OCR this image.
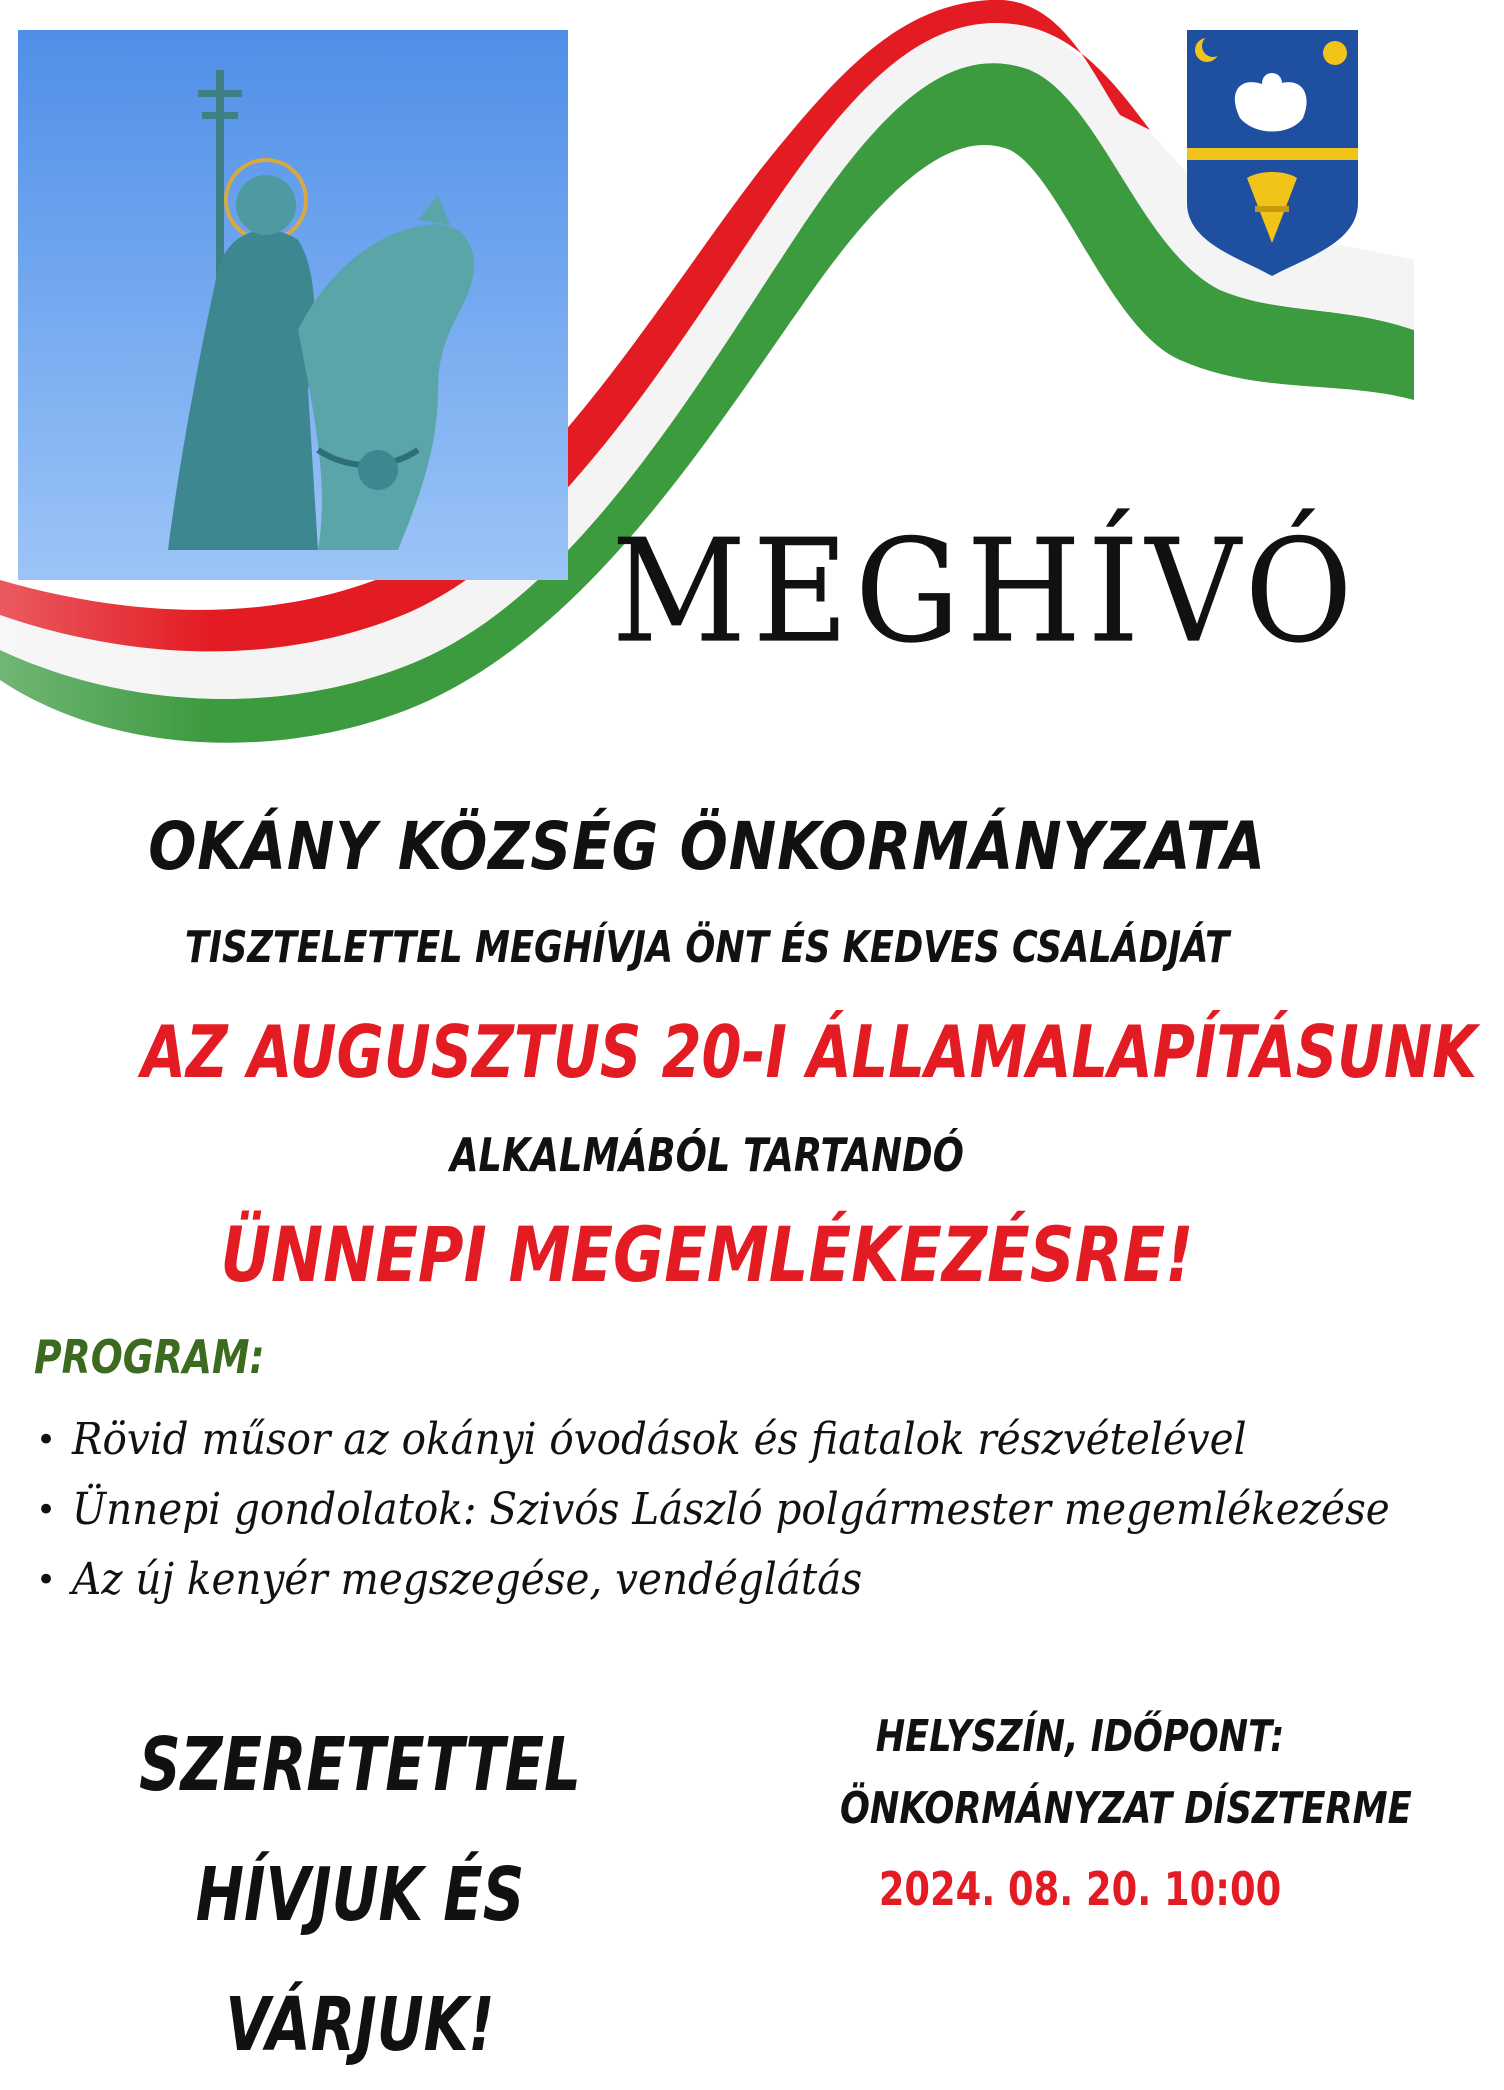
MEGHÍVÓ
OKÁNY KÖZSÉG ÖNKORMÁNYZATA
TISZTELETTEL MEGHÍVJA ÖNT ÉS KEDVES CSALÁDJÁT
AZ AUGUSZTUS 20-I ÁLLAMALAPÍTÁSUNK
ALKALMÁBÓL TARTANDÓ
ÜNNEPI MEGEMLÉKEZÉSRE!
PROGRAM:
• Rövid műsor az okányi óvodások és fiatalok részvételével
• Ünnepi gondolatok: Szivós László polgármester megemlékezése
• Az új kenyér megszegése, vendéglátás
SZERETETTEL
HÍVJUK ÉS VÁRJUK!
HELYSZÍN, IDŐPONT:
ÖNKORMÁNYZAT DÍSZTERME
2024. 08. 20. 10:00
